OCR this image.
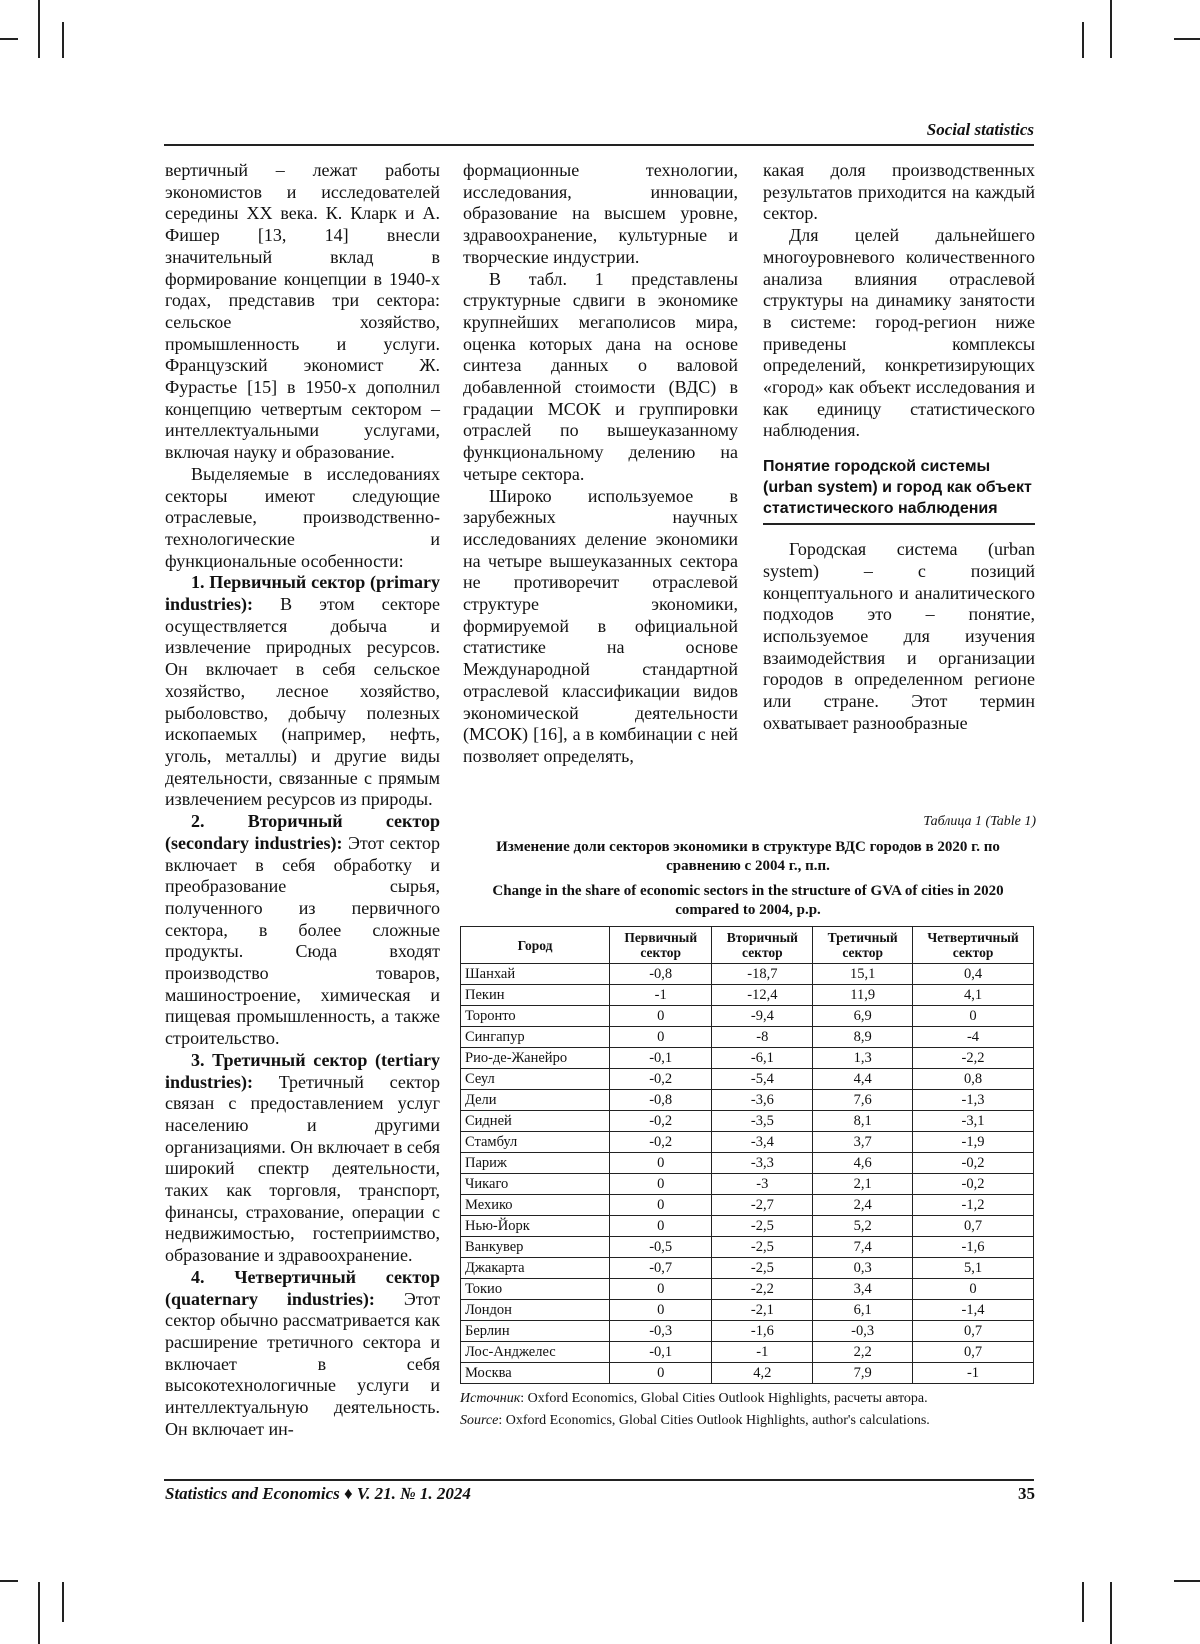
Social statistics

вертичный – лежат работы экономистов и исследователей середины XX века. К. Кларк и А. Фишер [13, 14] внесли значительный вклад в формирование концепции в 1940-х годах, представив три сектора: сельское хозяйство, промышленность и услуги. Французский экономист Ж. Фурастье [15] в 1950-х дополнил концепцию четвертым сектором – интеллектуальными услугами, включая науку и образование.

Выделяемые в исследованиях секторы имеют следующие отраслевые, производственно-технологические и функциональные особенности:

1. Первичный сектор (primary industries): В этом секторе осуществляется добыча и извлечение природных ресурсов. Он включает в себя сельское хозяйство, лесное хозяйство, рыболовство, добычу полезных ископаемых (например, нефть, уголь, металлы) и другие виды деятельности, связанные с прямым извлечением ресурсов из природы.

2. Вторичный сектор (secondary industries): Этот сектор включает в себя обработку и преобразование сырья, полученного из первичного сектора, в более сложные продукты. Сюда входят производство товаров, машиностроение, химическая и пищевая промышленность, а также строительство.

3. Третичный сектор (tertiary industries): Третичный сектор связан с предоставлением услуг населению и другими организациями. Он включает в себя широкий спектр деятельности, таких как торговля, транспорт, финансы, страхование, операции с недвижимостью, гостеприимство, образование и здравоохранение.

4. Четвертичный сектор (quaternary industries): Этот сектор обычно рассматривается как расширение третичного сектора и включает в себя высокотехнологичные услуги и интеллектуальную деятельность. Он включает ин-

формационные технологии, исследования, инновации, образование на высшем уровне, здравоохранение, культурные и творческие индустрии.

В табл. 1 представлены структурные сдвиги в экономике крупнейших мегаполисов мира, оценка которых дана на основе синтеза данных о валовой добавленной стоимости (ВДС) в градации МСОК и группировки отраслей по вышеуказанному функциональному делению на четыре сектора.

Широко используемое в зарубежных научных исследованиях деление экономики на четыре вышеуказанных сектора не противоречит отраслевой структуре экономики, формируемой в официальной статистике на основе Международной стандартной отраслевой классификации видов экономической деятельности (МСОК) [16], а в комбинации с ней позволяет определять,

какая доля производственных результатов приходится на каждый сектор.

Для целей дальнейшего многоуровневого количественного анализа влияния отраслевой структуры на динамику занятости в системе: город-регион ниже приведены комплексы определений, конкретизирующих «город» как объект исследования и как единицу статистического наблюдения.

Понятие городской системы (urban system) и город как объект статистического наблюдения

Городская система (urban system) – с позиций концептуального и аналитического подходов это – понятие, используемое для изучения взаимодействия и организации городов в определенном регионе или стране. Этот термин охватывает разнообразные

Таблица 1 (Table 1)
Изменение доли секторов экономики в структуре ВДС городов в 2020 г. по сравнению с 2004 г., п.п.
Change in the share of economic sectors in the structure of GVA of cities in 2020 compared to 2004, p.p.
Город	Первичный сектор	Вторичный сектор	Третичный сектор	Четвертичный сектор
Шанхай	-0,8	-18,7	15,1	0,4
Пекин	-1	-12,4	11,9	4,1
Торонто	0	-9,4	6,9	0
Сингапур	0	-8	8,9	-4
Рио-де-Жанейро	-0,1	-6,1	1,3	-2,2
Сеул	-0,2	-5,4	4,4	0,8
Дели	-0,8	-3,6	7,6	-1,3
Сидней	-0,2	-3,5	8,1	-3,1
Стамбул	-0,2	-3,4	3,7	-1,9
Париж	0	-3,3	4,6	-0,2
Чикаго	0	-3	2,1	-0,2
Мехико	0	-2,7	2,4	-1,2
Нью-Йорк	0	-2,5	5,2	0,7
Ванкувер	-0,5	-2,5	7,4	-1,6
Джакарта	-0,7	-2,5	0,3	5,1
Токио	0	-2,2	3,4	0
Лондон	0	-2,1	6,1	-1,4
Берлин	-0,3	-1,6	-0,3	0,7
Лос-Анджелес	-0,1	-1	2,2	0,7
Москва	0	4,2	7,9	-1
Источник: Oxford Economics, Global Cities Outlook Highlights, расчеты автора.
Source: Oxford Economics, Global Cities Outlook Highlights, author's calculations.
Statistics and Economics ♦ V. 21. № 1. 2024	35
